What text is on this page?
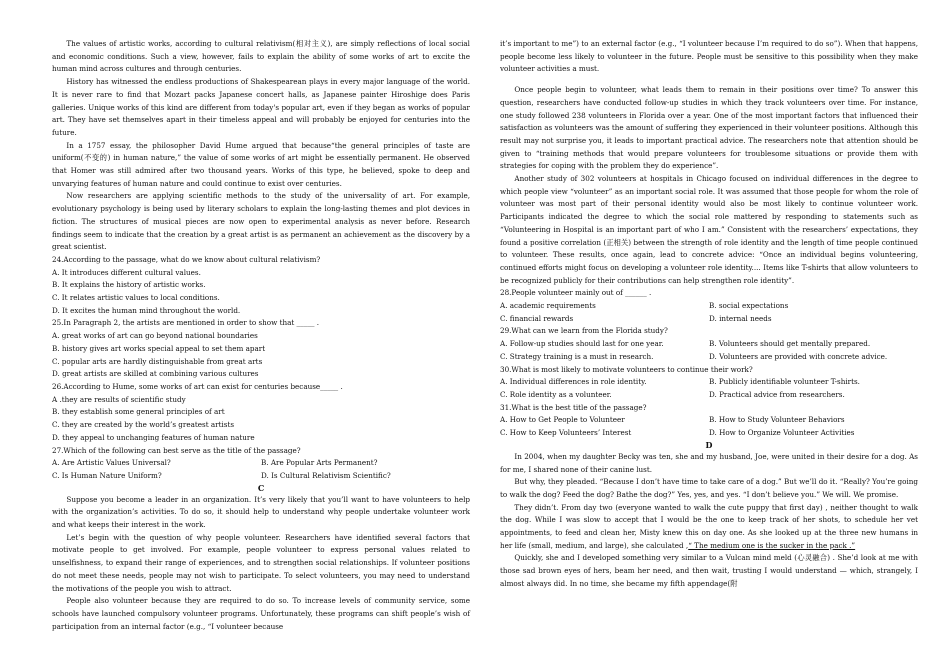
The values of artistic works, according to cultural relativism(相对主义), are simply reflections of local social and economic conditions. Such a view, however, fails to explain the ability of some works of art to excite the human mind across cultures and through centuries.

History has witnessed the endless productions of Shakespearean plays in every major language of the world. It is never rare to find that Mozart packs Japanese concert halls, as Japanese painter Hiroshige does Paris galleries. Unique works of this kind are different from today's popular art, even if they began as works of popular art. They have set themselves apart in their timeless appeal and will probably be enjoyed for centuries into the future.

In a 1757 essay, the philosopher David Hume argued that because“the general principles of taste are uniform(不变的) in human nature,” the value of some works of art might be essentially permanent. He observed that Homer was still admired after two thousand years. Works of this type, he believed, spoke to deep and unvarying features of human nature and could continue to exist over centuries.

Now researchers are applying scientific methods to the study of the universality of art. For example, evolutionary psychology is being used by literary scholars to explain the long-lasting themes and plot devices in fiction. The structures of musical pieces are now open to experimental analysis as never before. Research findings seem to indicate that the creation by a great artist is as permanent an achievement as the discovery by a great scientist.

24.According to the passage, what do we know about cultural relativism?

A. It introduces different cultural values.

B. It explains the history of artistic works.

C. It relates artistic values to local conditions.

D. It excites the human mind throughout the world.

25.In Paragraph 2, the artists are mentioned in order to show that _____ .

A. great works of art can go beyond national boundaries

B. history gives art works special appeal to set them apart

C. popular arts are hardly distinguishable from great arts

D. great artists are skilled at combining various cultures

26.According to Hume, some works of art can exist for centuries because_____ .

A .they are results of scientific study

B. they establish some general principles of art

C. they are created by the world’s greatest artists

D. they appeal to unchanging features of human nature

27.Which of the following can best serve as the title of the passage?

A. Are Artistic Values Universal?	B. Are Popular Arts Permanent?
C. Is Human Nature Uniform?	D. Is Cultural Relativism Scientific?

C

Suppose you become a leader in an organization. It’s very likely that you’ll want to have volunteers to help with the organization’s activities. To do so, it should help to understand why people undertake volunteer work and what keeps their interest in the work.

Let’s begin with the question of why people volunteer. Researchers have identified several factors that motivate people to get involved. For example, people volunteer to express personal values related to unselfishness, to expand their range of experiences, and to strengthen social relationships. If volunteer positions do not meet these needs, people may not wish to participate. To select volunteers, you may need to understand the motivations of the people you wish to attract.

People also volunteer because they are required to do so. To increase levels of community service, some schools have launched compulsory volunteer programs. Unfortunately, these programs can shift people’s wish of participation from an internal factor (e.g., “I volunteer because

it’s important to me”) to an external factor (e.g., “I volunteer because I’m required to do so”). When that happens, people become less likely to volunteer in the future. People must be sensitive to this possibility when they make volunteer activities a must.

Once people begin to volunteer, what leads them to remain in their positions over time? To answer this question, researchers have conducted follow-up studies in which they track volunteers over time. For instance, one study followed 238 volunteers in Florida over a year. One of the most important factors that influenced their satisfaction as volunteers was the amount of suffering they experienced in their volunteer positions. Although this result may not surprise you, it leads to important practical advice. The researchers note that attention should be given to “training methods that would prepare volunteers for troublesome situations or provide them with strategies for coping with the problem they do experience”.

Another study of 302 volunteers at hospitals in Chicago focused on individual differences in the degree to which people view “volunteer” as an important social role. It was assumed that those people for whom the role of volunteer was most part of their personal identity would also be most likely to continue volunteer work. Participants indicated the degree to which the social role mattered by responding to statements such as “Volunteering in Hospital is an important part of who I am.” Consistent with the researchers’ expectations, they found a positive correlation (正相关) between the strength of role identity and the length of time people continued to volunteer. These results, once again, lead to concrete advice: “Once an individual begins volunteering, continued efforts might focus on developing a volunteer role identity.... Items like T-shirts that allow volunteers to be recognized publicly for their contributions can help strengthen role identity”.

28.People volunteer mainly out of ______ .

A. academic requirements	B. social expectations
C. financial rewards	D. internal needs

29.What can we learn from the Florida study?

A. Follow-up studies should last for one year.	B. Volunteers should get mentally prepared.
C. Strategy training is a must in research.	D. Volunteers are provided with concrete advice.

30.What is most likely to motivate volunteers to continue their work?

A. Individual differences in role identity.	B. Publicly identifiable volunteer T-shirts.
C. Role identity as a volunteer.	D. Practical advice from researchers.

31.What is the best title of the passage?

A. How to Get People to Volunteer	B. How to Study Volunteer Behaviors
C. How to Keep Volunteers’ Interest	D. How to Organize Volunteer Activities

D

In 2004, when my daughter Becky was ten, she and my husband, Joe, were united in their desire for a dog. As for me, I shared none of their canine lust.

But why, they pleaded. “Because I don’t have time to take care of a dog.” But we’ll do it. “Really? You’re going to walk the dog? Feed the dog? Bathe the dog?” Yes, yes, and yes. “I don’t believe you.” We will. We promise.

They didn’t. From day two (everyone wanted to walk the cute puppy that first day) , neither thought to walk the dog. While I was slow to accept that I would be the one to keep track of her shots, to schedule her vet appointments, to feed and clean her, Misty knew this on day one. As she looked up at the three new humans in her life (small, medium, and large), she calculated ,“ The medium one is the sucker in the pack .”

Quickly, she and I developed something very similar to a Vulcan mind meld (心灵融合) . She’d look at me with those sad brown eyes of hers, beam her need, and then wait, trusting I would understand — which, strangely, I almost always did. In no time, she became my fifth appendage(附
